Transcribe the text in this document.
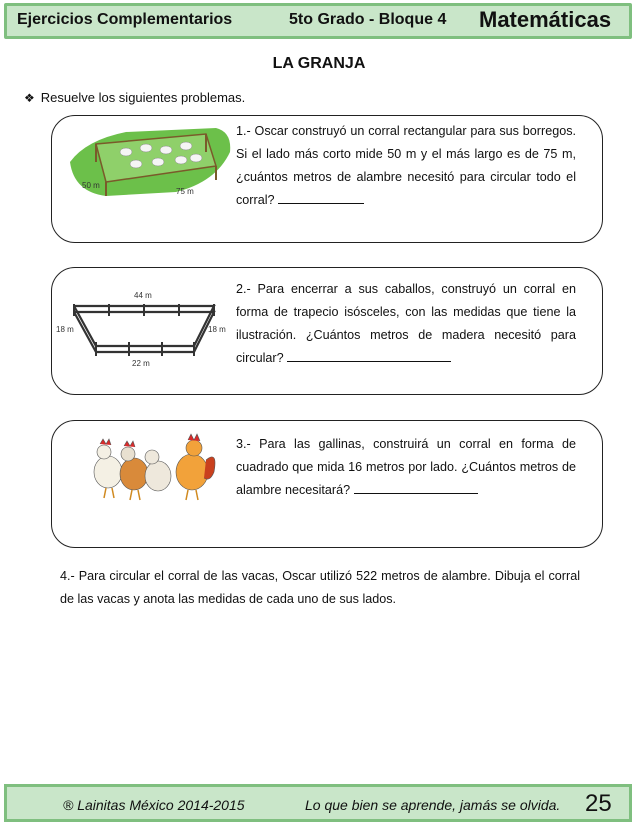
Ejercicios Complementarios	5to Grado - Bloque 4 Matemáticas
LA GRANJA
❖ Resuelve los siguientes problemas.

1.- Oscar construyó un corral rectangular para sus borregos. Si el lado más corto mide 50 m y el más largo es de 75 m, ¿cuántos metros de alambre necesitó para circular todo el corral?

50 m
75 m

2.- Para encerrar a sus caballos, construyó un corral en forma de trapecio isósceles, con las medidas que tiene la ilustración. ¿Cuántos metros de madera necesitó para circular?

44 m
18 m	18 m
22 m

3.- Para las gallinas, construirá un corral en forma de cuadrado que mida 16 metros por lado. ¿Cuántos metros de alambre necesitará?

4.- Para circular el corral de las vacas, Oscar utilizó 522 metros de alambre. Dibuja el corral de las vacas y anota las medidas de cada uno de sus lados.

® Lainitas México 2014-2015	Lo que bien se aprende, jamás se olvida. 25
